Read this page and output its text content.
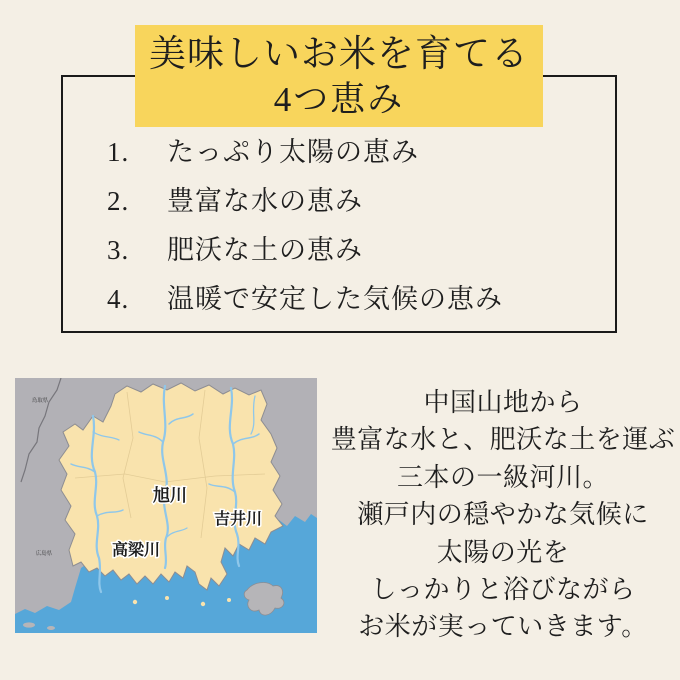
美味しいお米を育てる
4つ恵み
1.	たっぷり太陽の恵み
2.	豊富な水の恵み
3.	肥沃な土の恵み
4.	温暖で安定した気候の恵み
旭川
吉井川
高梁川
鳥取県
広島県
中国山地から
豊富な水と、肥沃な土を運ぶ
三本の一級河川。
瀬戸内の穏やかな気候に
太陽の光を
しっかりと浴びながら
お米が実っていきます。
